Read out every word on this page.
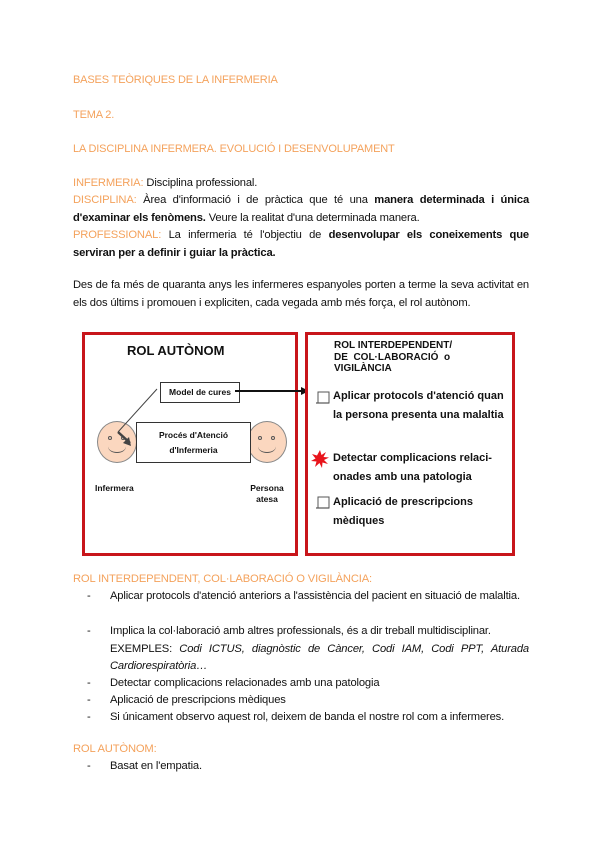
BASES TEÒRIQUES DE LA INFERMERIA
TEMA 2.
LA DISCIPLINA INFERMERA. EVOLUCIÓ I DESENVOLUPAMENT
INFERMERIA: Disciplina professional.
DISCIPLINA: Àrea d'informació i de pràctica que té una manera determinada i única d'examinar els fenòmens. Veure la realitat d'una determinada manera.
PROFESSIONAL: La infermeria té l'objectiu de desenvolupar els coneixements que serviran per a definir i guiar la pràctica.
Des de fa més de quaranta anys les infermeres espanyoles porten a terme la seva activitat en els dos últims i promouen i expliciten, cada vegada amb més força, el rol autònom.
ROL AUTÒNOM
Model de cures
Procés d'Atenció
d'Infermeria
Infermera	Persona
atesa
ROL INTERDEPENDENT/
DE  COL·LABORACIÓ  o
VIGILÀNCIA
Aplicar protocols d'atenció quan la persona presenta una malaltia
Detectar complicacions relaci-onades amb una patologia
Aplicació de prescripcions mèdiques
ROL INTERDEPENDENT, COL·LABORACIÓ O VIGILÀNCIA:
-	Aplicar protocols d'atenció anteriors a l'assistència del pacient en situació de malaltia.
-	Implica la col·laboració amb altres professionals, és a dir treball multidisciplinar.

EXEMPLES: Codi ICTUS, diagnòstic de Càncer, Codi IAM, Codi PPT, Aturada Cardiorespiratòria…
-	Detectar complicacions relacionades amb una patologia
-	Aplicació de prescripcions mèdiques
-	Si únicament observo aquest rol, deixem de banda el nostre rol com a infermeres.
ROL AUTÒNOM:
-	Basat en l'empatia.
